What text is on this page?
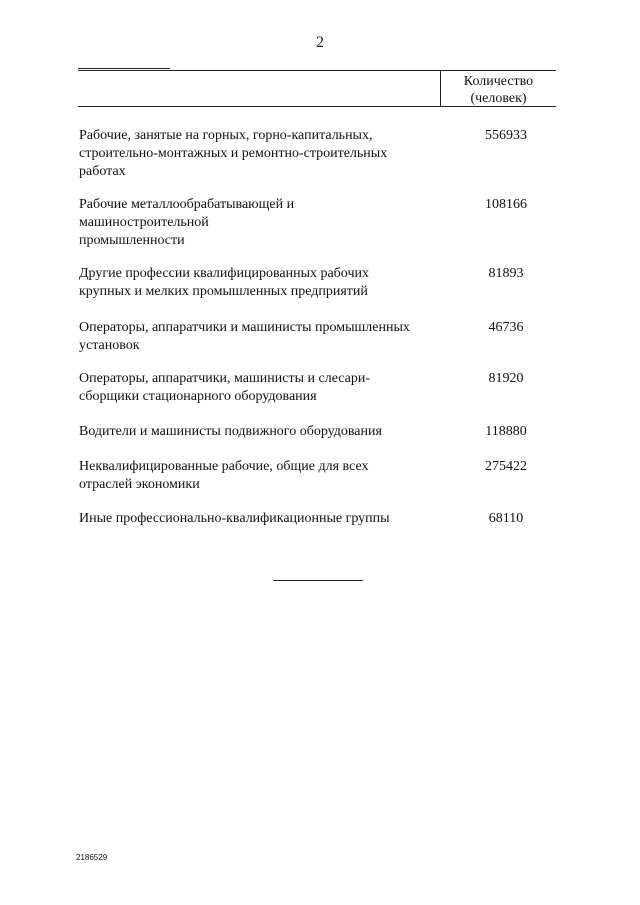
2
Количество
(человек)
Рабочие, занятые на горных, горно-капитальных,
строительно-монтажных и ремонтно-строительных
работах
556933
Рабочие металлообрабатывающей и
машиностроительной
промышленности
108166
Другие профессии квалифицированных рабочих
крупных и мелких промышленных предприятий
81893
Операторы, аппаратчики и машинисты промышленных
установок
46736
Операторы, аппаратчики, машинисты и слесари-
сборщики стационарного оборудования
81920
Водители и машинисты подвижного оборудования	118880
Неквалифицированные рабочие, общие для всех
отраслей экономики
275422
Иные профессионально-квалификационные группы	68110
2186529
